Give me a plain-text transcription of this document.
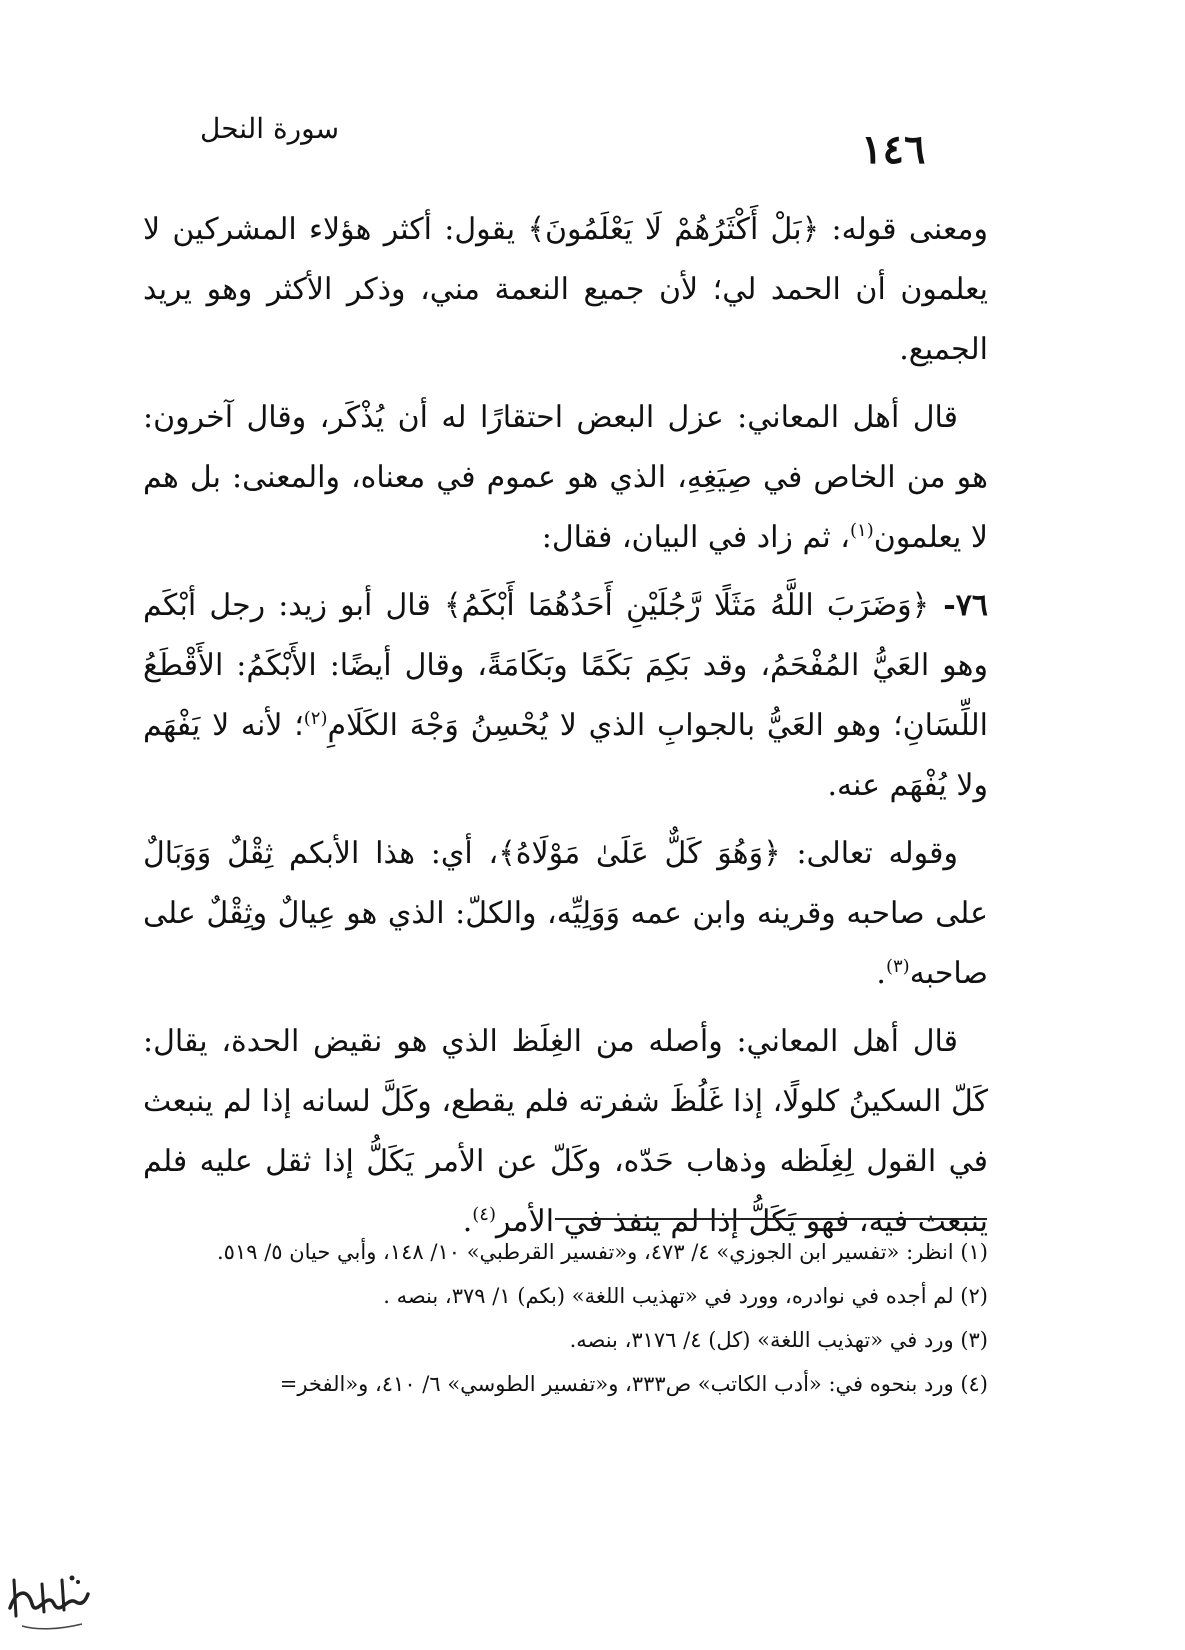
سورة النحل	١٤٦

ومعنى قوله: ﴿بَلْ أَكْثَرُهُمْ لَا يَعْلَمُونَ﴾ يقول: أكثر هؤلاء المشركين لا يعلمون أن الحمد لي؛ لأن جميع النعمة مني، وذكر الأكثر وهو يريد الجميع.

قال أهل المعاني: عزل البعض احتقارًا له أن يُذْكَر، وقال آخرون: هو من الخاص في صِيَغِهِ، الذي هو عموم في معناه، والمعنى: بل هم لا يعلمون$^{(١)}$، ثم زاد في البيان، فقال:

٧٦- ﴿وَضَرَبَ اللَّهُ مَثَلًا رَّجُلَيْنِ أَحَدُهُمَا أَبْكَمُ﴾ قال أبو زيد: رجل أبْكَم وهو العَيُّ المُفْحَمُ، وقد بَكِمَ بَكَمًا وبَكَامَةً، وقال أيضًا: الأَبْكَمُ: الأَقْطَعُ اللِّسَانِ؛ وهو العَيُّ بالجوابِ الذي لا يُحْسِنُ وَجْهَ الكَلَامِ$^{(٢)}$؛ لأنه لا يَفْهَم ولا يُفْهَم عنه.

وقوله تعالى: ﴿وَهُوَ كَلٌّ عَلَىٰ مَوْلَاهُ﴾، أي: هذا الأبكم ثِقْلٌ وَوَبَالٌ على صاحبه وقرينه وابن عمه وَوَلِيِّه، والكلّ: الذي هو عِيالٌ وثِقْلٌ على صاحبه$^{(٣)}$.

قال أهل المعاني: وأصله من الغِلَظ الذي هو نقيض الحدة، يقال: كَلّ السكينُ كلولًا، إذا غَلُظَ شفرته فلم يقطع، وكَلَّ لسانه إذا لم ينبعث في القول لِغِلَظه وذهاب حَدّه، وكَلّ عن الأمر يَكَلُّ إذا ثقل عليه فلم ينبعث فيه، فهو يَكَلُّ إذا لم ينفذ في الأمر$^{(٤)}$.

(١) انظر: «تفسير ابن الجوزي» ٤/ ٤٧٣، و«تفسير القرطبي» ١٠/ ١٤٨، وأبي حيان ٥/ ٥١٩.
(٢) لم أجده في نوادره، وورد في «تهذيب اللغة» (بكم) ١/ ٣٧٩، بنصه .
(٣) ورد في «تهذيب اللغة» (كل) ٤/ ٣١٧٦، بنصه.
(٤) ورد بنحوه في: «أدب الكاتب» ص٣٣٣، و«تفسير الطوسي» ٦/ ٤١٠، و«الفخر=
